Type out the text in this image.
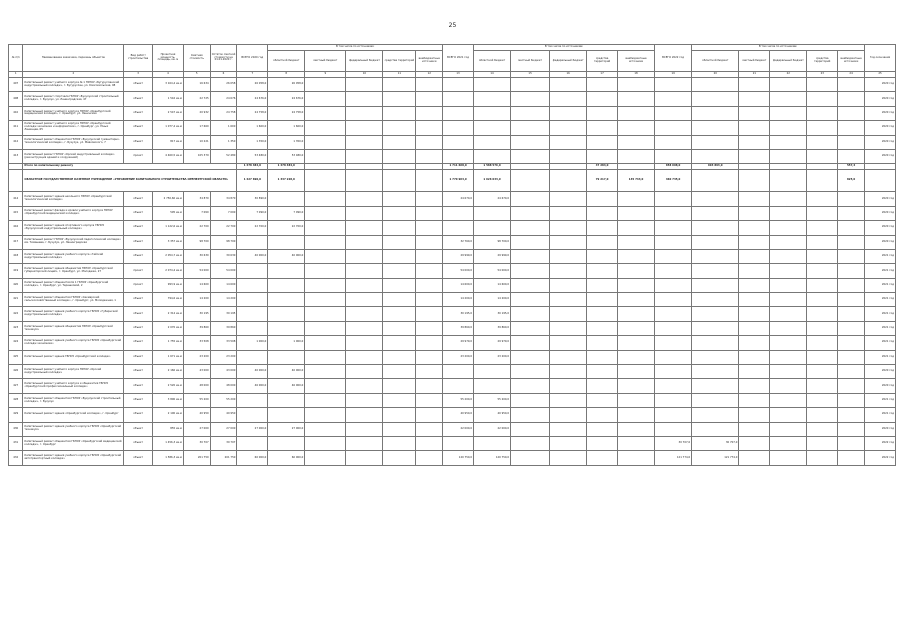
25
№ п/п	Наименование заказчика, перечень объектов	Вид работ/строительства	Проектная мощность, площадь, кв. м	Сметная стоимость	Остаток сметной стоимости на 01.01.2020 г.	ВСЕГО 2020 год	В том числе по источникам:					ВСЕГО 2021 год	В том числе по источникам:					ВСЕГО 2022 год	В том числе по источникам:					Год окончания
							областной бюджет	местный бюджет	федеральный бюджет	средства территорий	внебюджетные источники		областной бюджет	местный бюджет	федеральный бюджет	средства территорий	внебюджетные источники		областной бюджет	местный бюджет	федеральный бюджет	средства территорий	внебюджетные источники	
1	2	3	4	5	6	7	8	9	10	11	12	13	14	15	16	17	18	19	20	21	22	23	24	25
407	Капитальный ремонт учебного корпуса № 1 ГБПОУ «Бугурусланский индустриальный колледж», г. Бугуруслан, ул. Комсомольская, 98	объект	3 164,4 кв.м	16 634	26 058	26 058,0	26 058,0																	2020 год
408	Капитальный ремонт спортзала ГБПОУ «Бузулукский строительный колледж», г. Бузулук, ул. Ленинградская, 47	объект	1 542 кв.м	22 725	24 676	24 676,0	24 676,0																	2020 год
410	Капитальный ремонт учебного корпуса ГБПОУ «Оренбургский медицинский колледж», г. Оренбург, ул. Ленинская	объект	2 547 кв.м	20 932	24 758	24 758,0	24 758,0																	2020 год
411	Капитальный ремонт учебного корпуса ГБПОУ «Оренбургский колледж экономики и информатики», г. Оренбург, ул. Юных Ленинцев, 65	объект	1 077,4 кв.м	17 660	1 600	1 600,0	1 600,0																	2020 год
412	Капитальный ремонт общежития ГБПОУ «Бузулукский гуманитарно-технологический колледж», г. Бузулук, ул. Маяковского, 7	объект	817 кв.м	10 221	1 350	1 350,0	1 350,0																	2020 год
413	Капитальный ремонт ГБПОУ «Орский индустриальный колледж» (реконструкция зданий и сооружений)	проект	4 460,5 кв.м	105 379	52 480	53 480,0	53 480,0																	2020 год
	Итого по капитальному ремонту					1 478 484,0	1 478 484,0					1 711 668,0	1 588 576,0			47 284,0		658 698,0	603 893,0				557,4	
	ОБЛАСТНОЕ ГОСУДАРСТВЕННОЕ КАЗЕННОЕ УЧРЕЖДЕНИЕ «УПРАВЛЕНИЕ КАПИТАЛЬНОГО СТРОИТЕЛЬСТВА ОРЕНБУРГСКОЙ ОБЛАСТИ»					1 427 690,0	1 337 228,0					1 770 963,9	1 626 033,9			79 217,0	145 743,0	460 735,0					825,0	
414	Капитальный ремонт здания школьного ГБПОУ «Оренбургский технологический колледж»	объект	2 750,60 кв.м	34 870	34 870	30 890,0						24 670,0	24 670,0											2020 год
415	Капитальный ремонт фасада и кровли учебного корпуса ГБПОУ «Оренбургский медицинский колледж»	объект	595 кв.м	7 090	7 090	7 090,0	7 090,0																	2020 год
416	Капитальный ремонт здания спортивного корпуса ГБПОУ «Бузулукский индустриальный колледж»	объект	1 122,6 кв.м	22 700	22 700	22 700,0	22 700,0																	2020 год
417	Капитальный ремонт ГБПОУ «Бузулукский педагогический колледж» им. Тимашева, г. Бузулук, ул. Ленинградская	объект	3 357 кв.м	98 700	98 700							32 760,0	98 700,0											2020 год
418	Капитальный ремонт здания учебного корпуса «Гайский индустриальный колледж»	объект	2 054,7 кв.м	30 630	30 630	40 000,0	40 000,0					29 999,0	29 999,0											2021 год
419	Капитальный ремонт здания общежития ГБПОУ «Оренбургский губернаторский лицей», г. Оренбург, ул. Молодежи, 27	проект	2 074,4 кв.м	54 000	54 000							54 000,0	54 000,0											2021 год
420	Капитальный ремонт общежития № 1 ГБПОУ «Оренбургский колледж», г. Оренбург, ул. Терешковой, 2	проект	993,9 кв.м	14 600	14 600							14 600,0	14 600,0											2021 год
421	Капитальный ремонт общежития ГБПОУ «Сакмарский сельскохозяйственный колледж», г. Оренбург, ул. Молодежная, 1	объект	794,6 кв.м	14 200	14 200							14 200,0	14 200,0											2021 год
422	Капитальный ремонт здания учебного корпуса ГБПОУ «Губернский индустриальный колледж»	объект	2 314 кв.м	30 195	30 195							30 195,0	30 195,0											2021 год
423	Капитальный ремонт здания общежития ГБПОУ «Оренбургский техникум»	объект	2 070 кв.м	39 860	39 860							39 860,0	39 860,0											2021 год
424	Капитальный ремонт здания учебного корпуса ГБПОУ «Оренбургский колледж экономики»	объект	1 755 кв.м	33 508	33 508	1 000,0	1 000,0					29 979,0	29 979,0											2021 год
425	Капитальный ремонт здания ГБПОУ «Оренбургский колледж»	объект	1 671 кв.м	23 200	23 200							23 200,0	23 200,0											2021 год
426	Капитальный ремонт учебного корпуса ГБПОУ «Орский индустриальный колледж»	объект	2 160 кв.м	43 000	43 000	40 000,0	40 000,0																	2020 год
427	Капитальный ремонт учебного корпуса и общежития ГБПОУ «Оренбургский профессиональный колледж»	объект	2 520 кв.м	48 000	48 000	46 000,0	46 000,0																	2020 год
428	Капитальный ремонт общежития ГБПОУ «Бузулукский строительный колледж», г. Бузулук	объект	3 800 кв.м	55 200	55 200							55 200,0	55 200,0											2021 год
429	Капитальный ремонт здания «Оренбургский колледж», г. Оренбург	объект	2 100 кв.м	40 950	40 950							40 950,0	40 950,0											2021 год
430	Капитальный ремонт здания учебного корпуса ГБПОУ «Оренбургский техникум»	объект	855 кв.м	27 000	27 000	27 000,0	27 000,0					22 000,0	22 000,0											2020 год
431	Капитальный ремонт общежития ГБПОУ «Оренбургский медицинский колледж», г. Оренбург	объект	1 456,3 кв.м	30 707	30 707													30 707,0	30 707,0					2022 год
432	Капитальный ремонт здания учебного корпуса ГБПОУ «Оренбургский автотранспортный колледж»	объект	1 586,3 кв.м	201 750	201 750	60 000,0	60 000,0					120 750,0	120 750,0					121 774,0	121 774,0					2022 год
